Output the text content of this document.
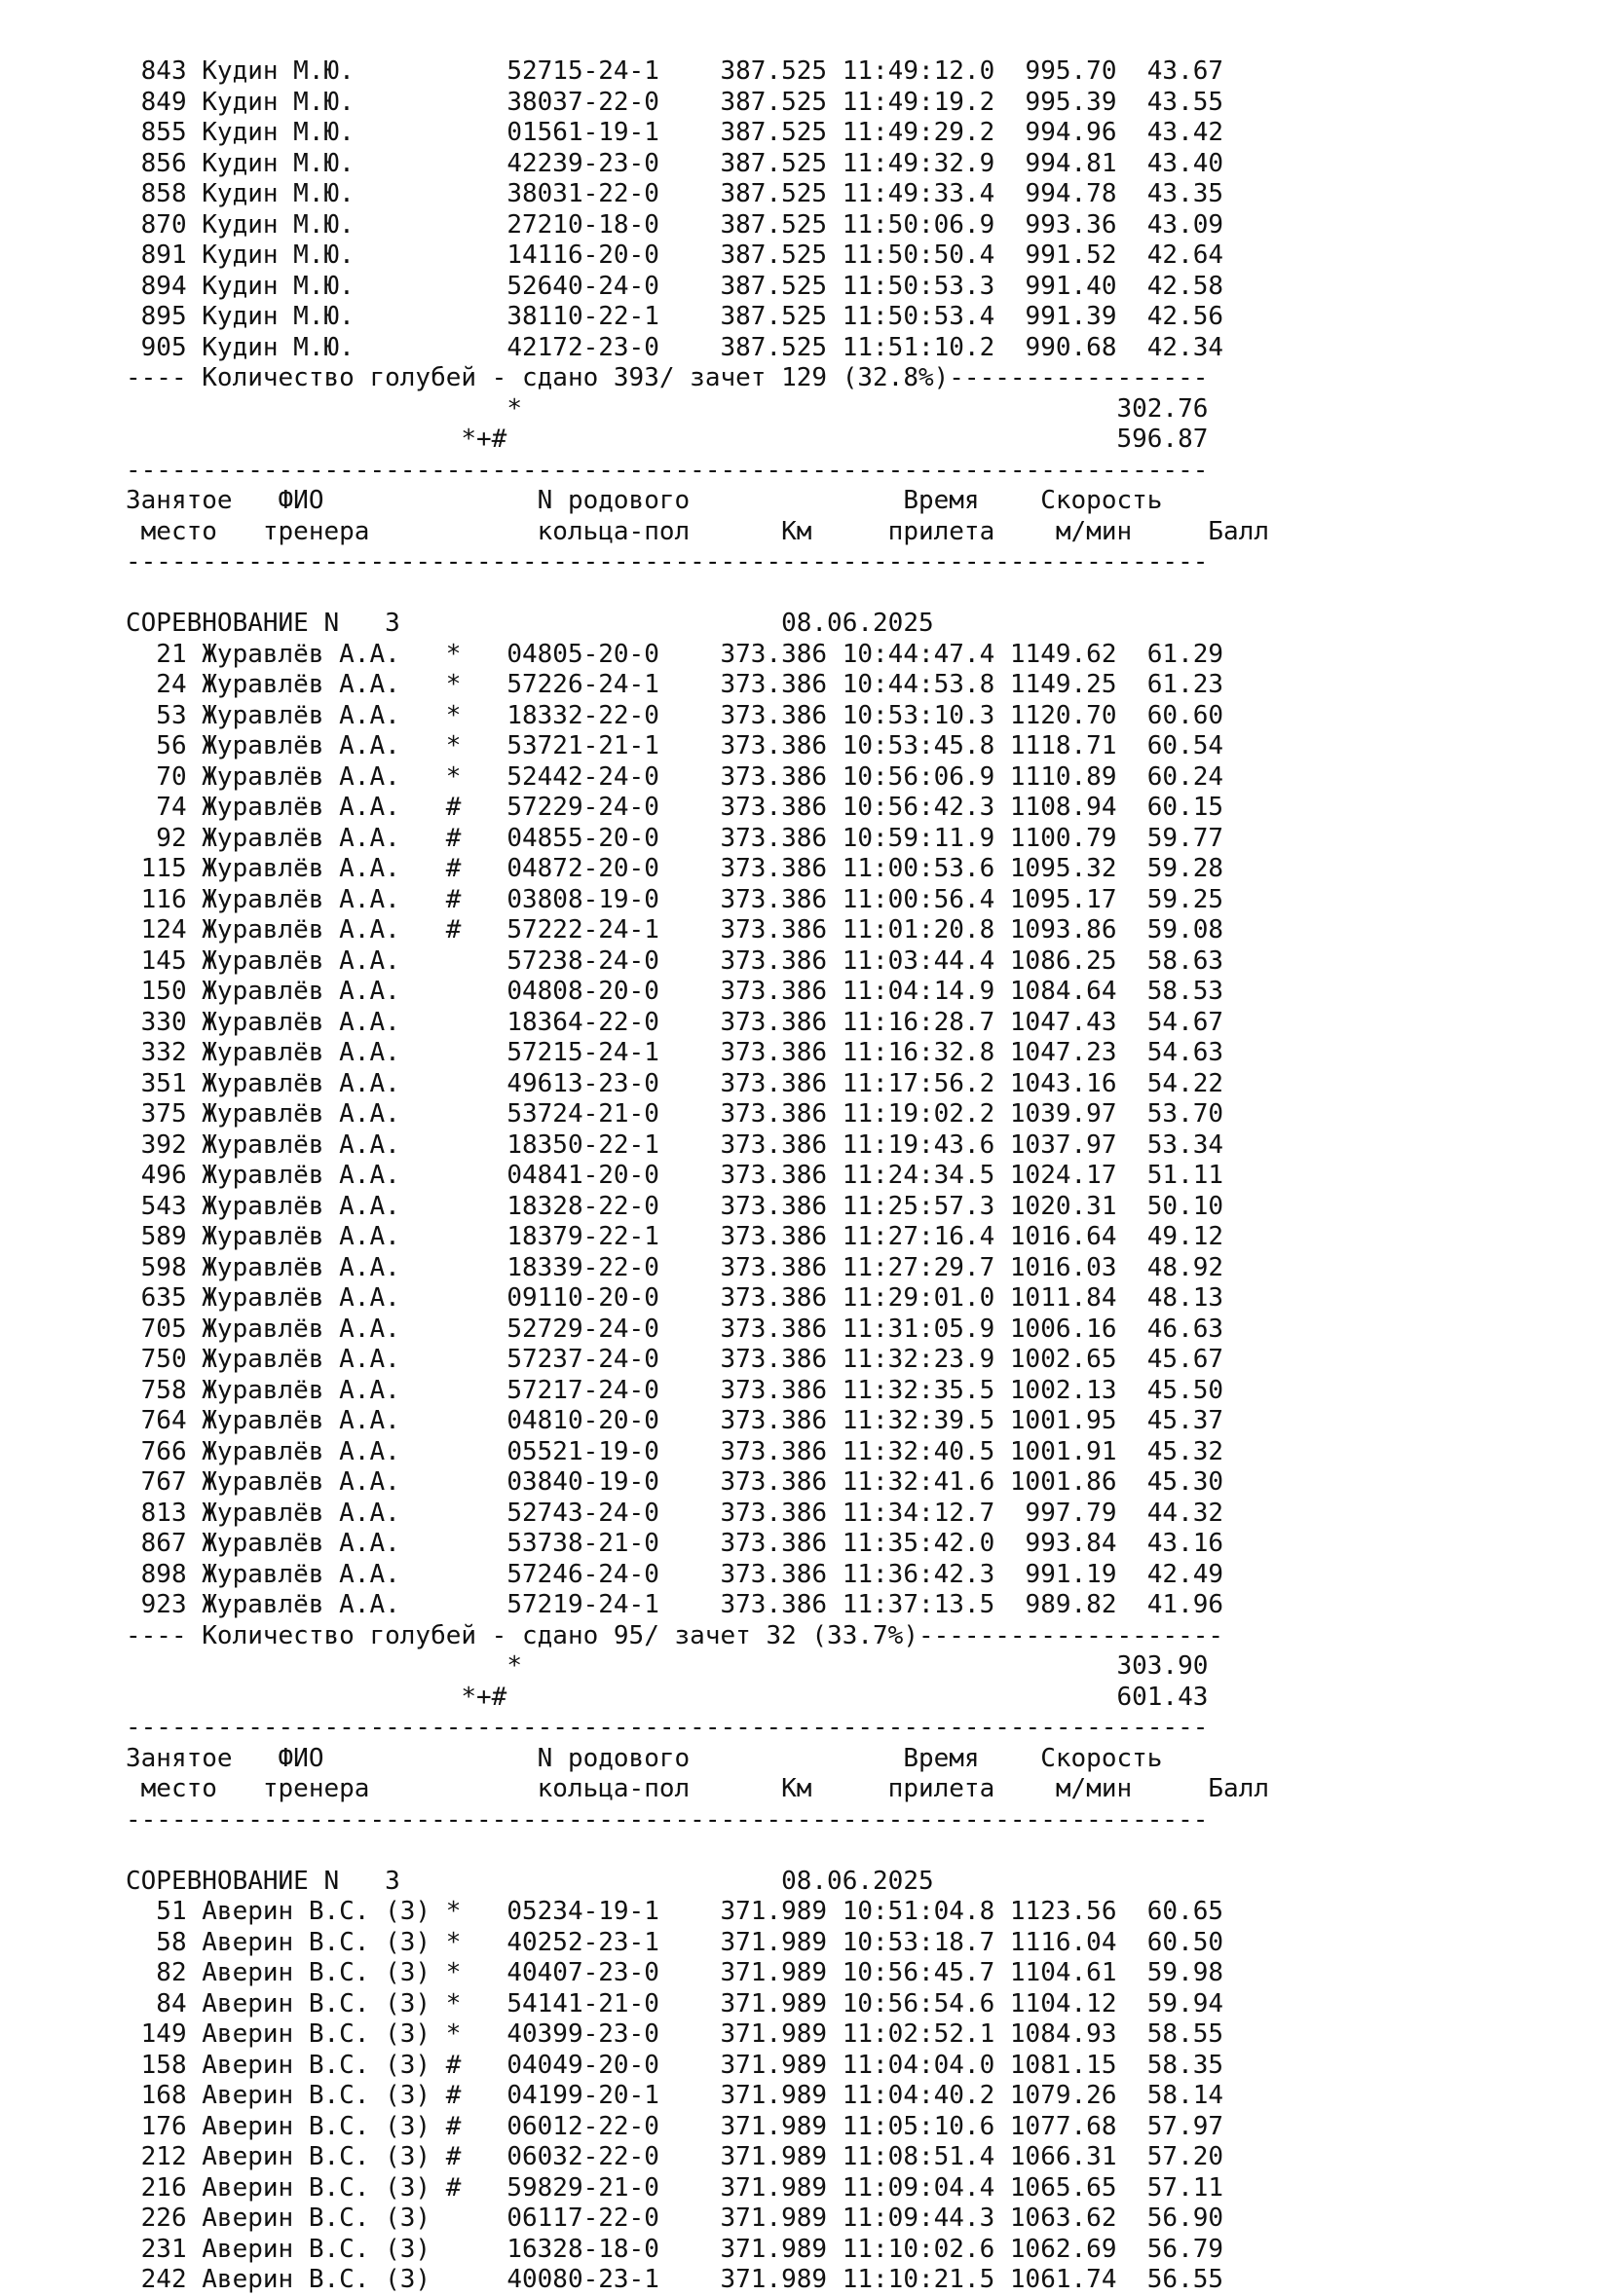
843 Кудин М.Ю.          52715-24-1    387.525 11:49:12.0  995.70  43.67
849 Кудин М.Ю.          38037-22-0    387.525 11:49:19.2  995.39  43.55
855 Кудин М.Ю.          01561-19-1    387.525 11:49:29.2  994.96  43.42
856 Кудин М.Ю.          42239-23-0    387.525 11:49:32.9  994.81  43.40
858 Кудин М.Ю.          38031-22-0    387.525 11:49:33.4  994.78  43.35
870 Кудин М.Ю.          27210-18-0    387.525 11:50:06.9  993.36  43.09
891 Кудин М.Ю.          14116-20-0    387.525 11:50:50.4  991.52  42.64
894 Кудин М.Ю.          52640-24-0    387.525 11:50:53.3  991.40  42.58
895 Кудин М.Ю.          38110-22-1    387.525 11:50:53.4  991.39  42.56
905 Кудин М.Ю.          42172-23-0    387.525 11:51:10.2  990.68  42.34
---- Количество голубей - сдано 393/ зачет 129 (32.8%)-----------------
*                                       302.76
*+#                                        596.87
-----------------------------------------------------------------------
Занятое   ФИО              N родового              Время    Скорость
место   тренера           кольца-пол      Км     прилета    м/мин     Балл
-----------------------------------------------------------------------

СОРЕВНОВАНИЕ N   3                         08.06.2025
21 Журавлёв А.А.   *   04805-20-0    373.386 10:44:47.4 1149.62  61.29
24 Журавлёв А.А.   *   57226-24-1    373.386 10:44:53.8 1149.25  61.23
53 Журавлёв А.А.   *   18332-22-0    373.386 10:53:10.3 1120.70  60.60
56 Журавлёв А.А.   *   53721-21-1    373.386 10:53:45.8 1118.71  60.54
70 Журавлёв А.А.   *   52442-24-0    373.386 10:56:06.9 1110.89  60.24
74 Журавлёв А.А.   #   57229-24-0    373.386 10:56:42.3 1108.94  60.15
92 Журавлёв А.А.   #   04855-20-0    373.386 10:59:11.9 1100.79  59.77
115 Журавлёв А.А.   #   04872-20-0    373.386 11:00:53.6 1095.32  59.28
116 Журавлёв А.А.   #   03808-19-0    373.386 11:00:56.4 1095.17  59.25
124 Журавлёв А.А.   #   57222-24-1    373.386 11:01:20.8 1093.86  59.08
145 Журавлёв А.А.       57238-24-0    373.386 11:03:44.4 1086.25  58.63
150 Журавлёв А.А.       04808-20-0    373.386 11:04:14.9 1084.64  58.53
330 Журавлёв А.А.       18364-22-0    373.386 11:16:28.7 1047.43  54.67
332 Журавлёв А.А.       57215-24-1    373.386 11:16:32.8 1047.23  54.63
351 Журавлёв А.А.       49613-23-0    373.386 11:17:56.2 1043.16  54.22
375 Журавлёв А.А.       53724-21-0    373.386 11:19:02.2 1039.97  53.70
392 Журавлёв А.А.       18350-22-1    373.386 11:19:43.6 1037.97  53.34
496 Журавлёв А.А.       04841-20-0    373.386 11:24:34.5 1024.17  51.11
543 Журавлёв А.А.       18328-22-0    373.386 11:25:57.3 1020.31  50.10
589 Журавлёв А.А.       18379-22-1    373.386 11:27:16.4 1016.64  49.12
598 Журавлёв А.А.       18339-22-0    373.386 11:27:29.7 1016.03  48.92
635 Журавлёв А.А.       09110-20-0    373.386 11:29:01.0 1011.84  48.13
705 Журавлёв А.А.       52729-24-0    373.386 11:31:05.9 1006.16  46.63
750 Журавлёв А.А.       57237-24-0    373.386 11:32:23.9 1002.65  45.67
758 Журавлёв А.А.       57217-24-0    373.386 11:32:35.5 1002.13  45.50
764 Журавлёв А.А.       04810-20-0    373.386 11:32:39.5 1001.95  45.37
766 Журавлёв А.А.       05521-19-0    373.386 11:32:40.5 1001.91  45.32
767 Журавлёв А.А.       03840-19-0    373.386 11:32:41.6 1001.86  45.30
813 Журавлёв А.А.       52743-24-0    373.386 11:34:12.7  997.79  44.32
867 Журавлёв А.А.       53738-21-0    373.386 11:35:42.0  993.84  43.16
898 Журавлёв А.А.       57246-24-0    373.386 11:36:42.3  991.19  42.49
923 Журавлёв А.А.       57219-24-1    373.386 11:37:13.5  989.82  41.96
---- Количество голубей - сдано 95/ зачет 32 (33.7%)--------------------
*                                       303.90
*+#                                        601.43
-----------------------------------------------------------------------
Занятое   ФИО              N родового              Время    Скорость
место   тренера           кольца-пол      Км     прилета    м/мин     Балл
-----------------------------------------------------------------------

СОРЕВНОВАНИЕ N   3                         08.06.2025
51 Аверин В.С. (З) *   05234-19-1    371.989 10:51:04.8 1123.56  60.65
58 Аверин В.С. (З) *   40252-23-1    371.989 10:53:18.7 1116.04  60.50
82 Аверин В.С. (З) *   40407-23-0    371.989 10:56:45.7 1104.61  59.98
84 Аверин В.С. (З) *   54141-21-0    371.989 10:56:54.6 1104.12  59.94
149 Аверин В.С. (З) *   40399-23-0    371.989 11:02:52.1 1084.93  58.55
158 Аверин В.С. (З) #   04049-20-0    371.989 11:04:04.0 1081.15  58.35
168 Аверин В.С. (З) #   04199-20-1    371.989 11:04:40.2 1079.26  58.14
176 Аверин В.С. (З) #   06012-22-0    371.989 11:05:10.6 1077.68  57.97
212 Аверин В.С. (З) #   06032-22-0    371.989 11:08:51.4 1066.31  57.20
216 Аверин В.С. (З) #   59829-21-0    371.989 11:09:04.4 1065.65  57.11
226 Аверин В.С. (З)     06117-22-0    371.989 11:09:44.3 1063.62  56.90
231 Аверин В.С. (З)     16328-18-0    371.989 11:10:02.6 1062.69  56.79
242 Аверин В.С. (З)     40080-23-1    371.989 11:10:21.5 1061.74  56.55
